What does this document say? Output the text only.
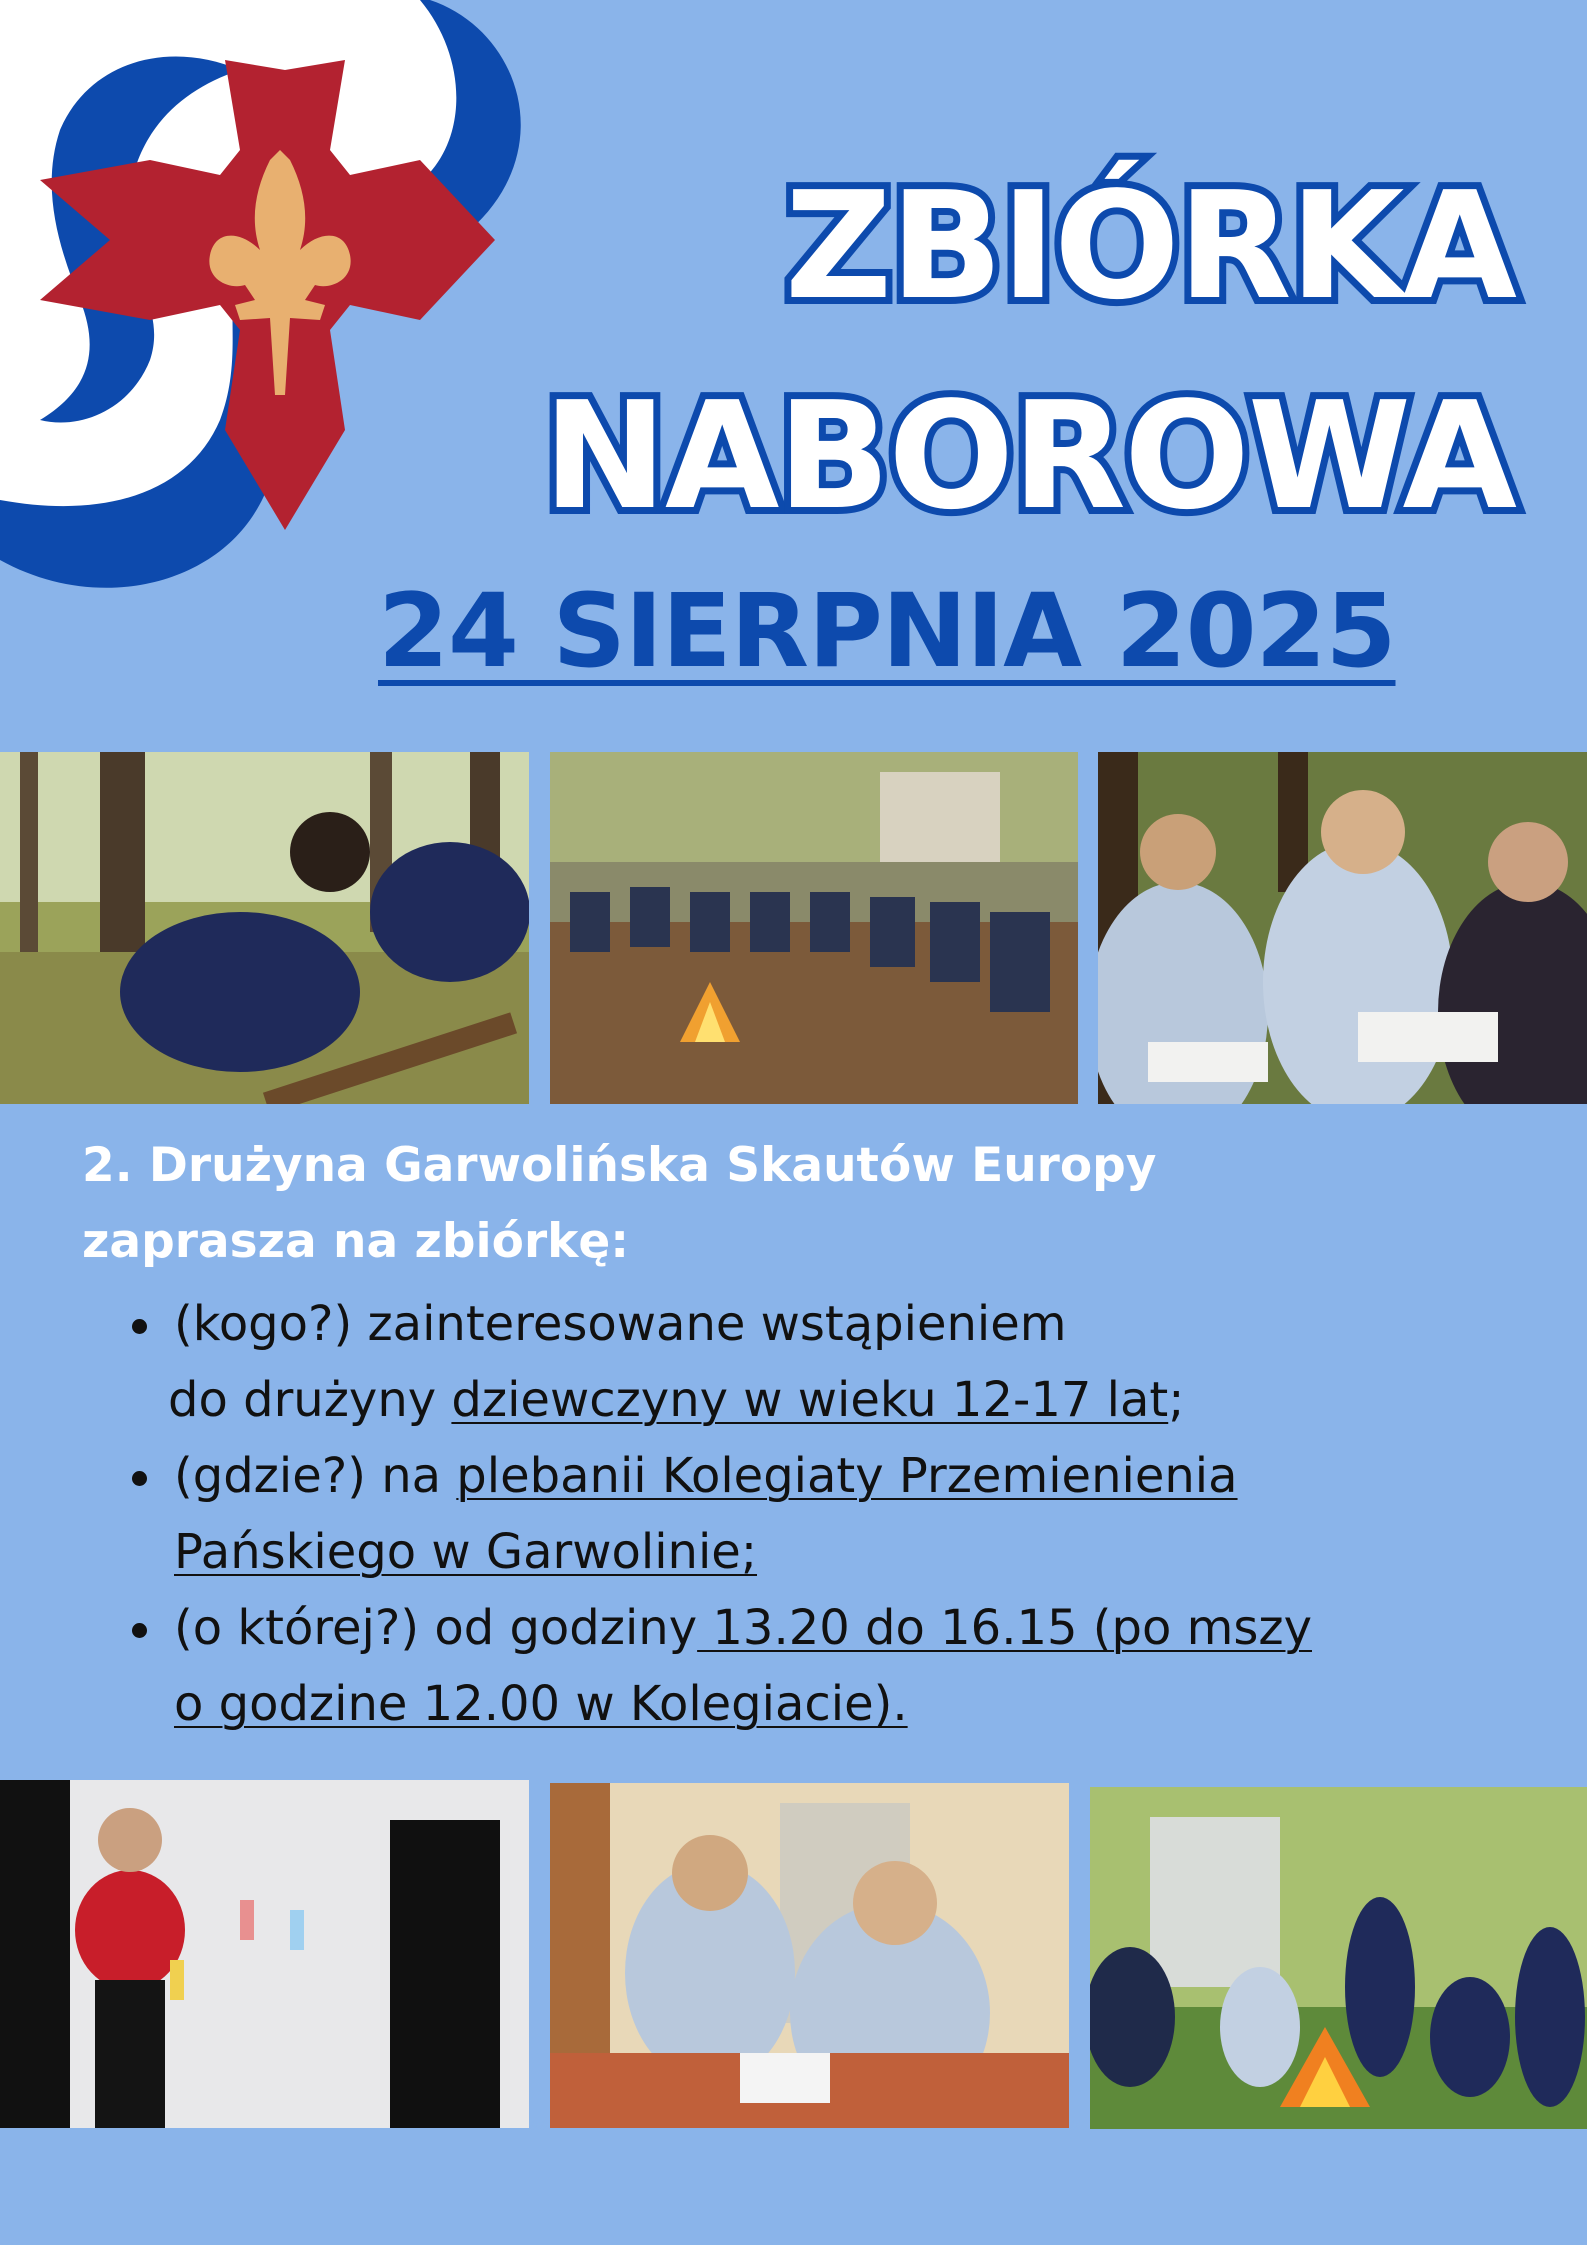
ZBIÓRKA
NABOROWA
24 SIERPNIA 2025

2. Drużyna Garwolińska Skautów Europy
zaprasza na zbiórkę:

(kogo?) zainteresowane wstąpieniem
do drużyny dziewczyny w wieku 12-17 lat;
(gdzie?) na plebanii Kolegiaty Przemienienia
Pańskiego w Garwolinie;
(o której?) od godziny 13.20 do 16.15 (po mszy
o godzine 12.00 w Kolegiacie).
